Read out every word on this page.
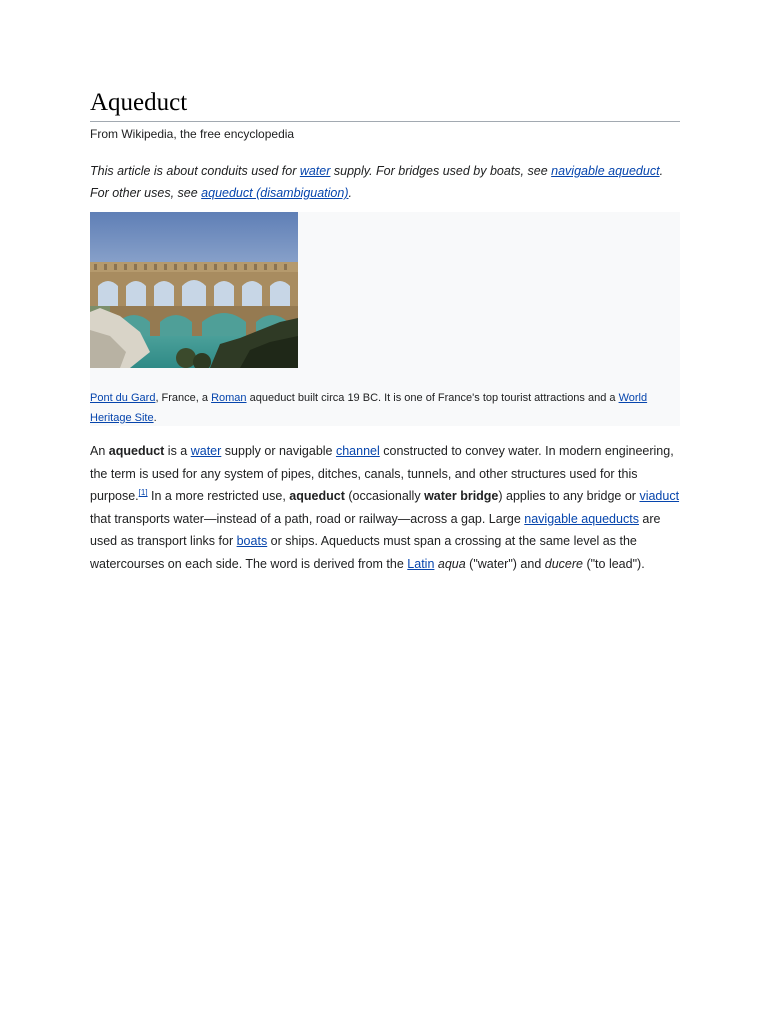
Aqueduct
From Wikipedia, the free encyclopedia
This article is about conduits used for water supply. For bridges used by boats, see navigable aqueduct. For other uses, see aqueduct (disambiguation).
Pont du Gard, France, a Roman aqueduct built circa 19 BC. It is one of France's top tourist attractions and a World Heritage Site.

An aqueduct is a water supply or navigable channel constructed to convey water. In modern engineering, the term is used for any system of pipes, ditches, canals, tunnels, and other structures used for this purpose.[1] In a more restricted use, aqueduct (occasionally water bridge) applies to any bridge or viaduct that transports water—instead of a path, road or railway—across a gap. Large navigable aqueducts are used as transport links for boats or ships. Aqueducts must span a crossing at the same level as the watercourses on each side. The word is derived from the Latin aqua ("water") and ducere ("to lead").
